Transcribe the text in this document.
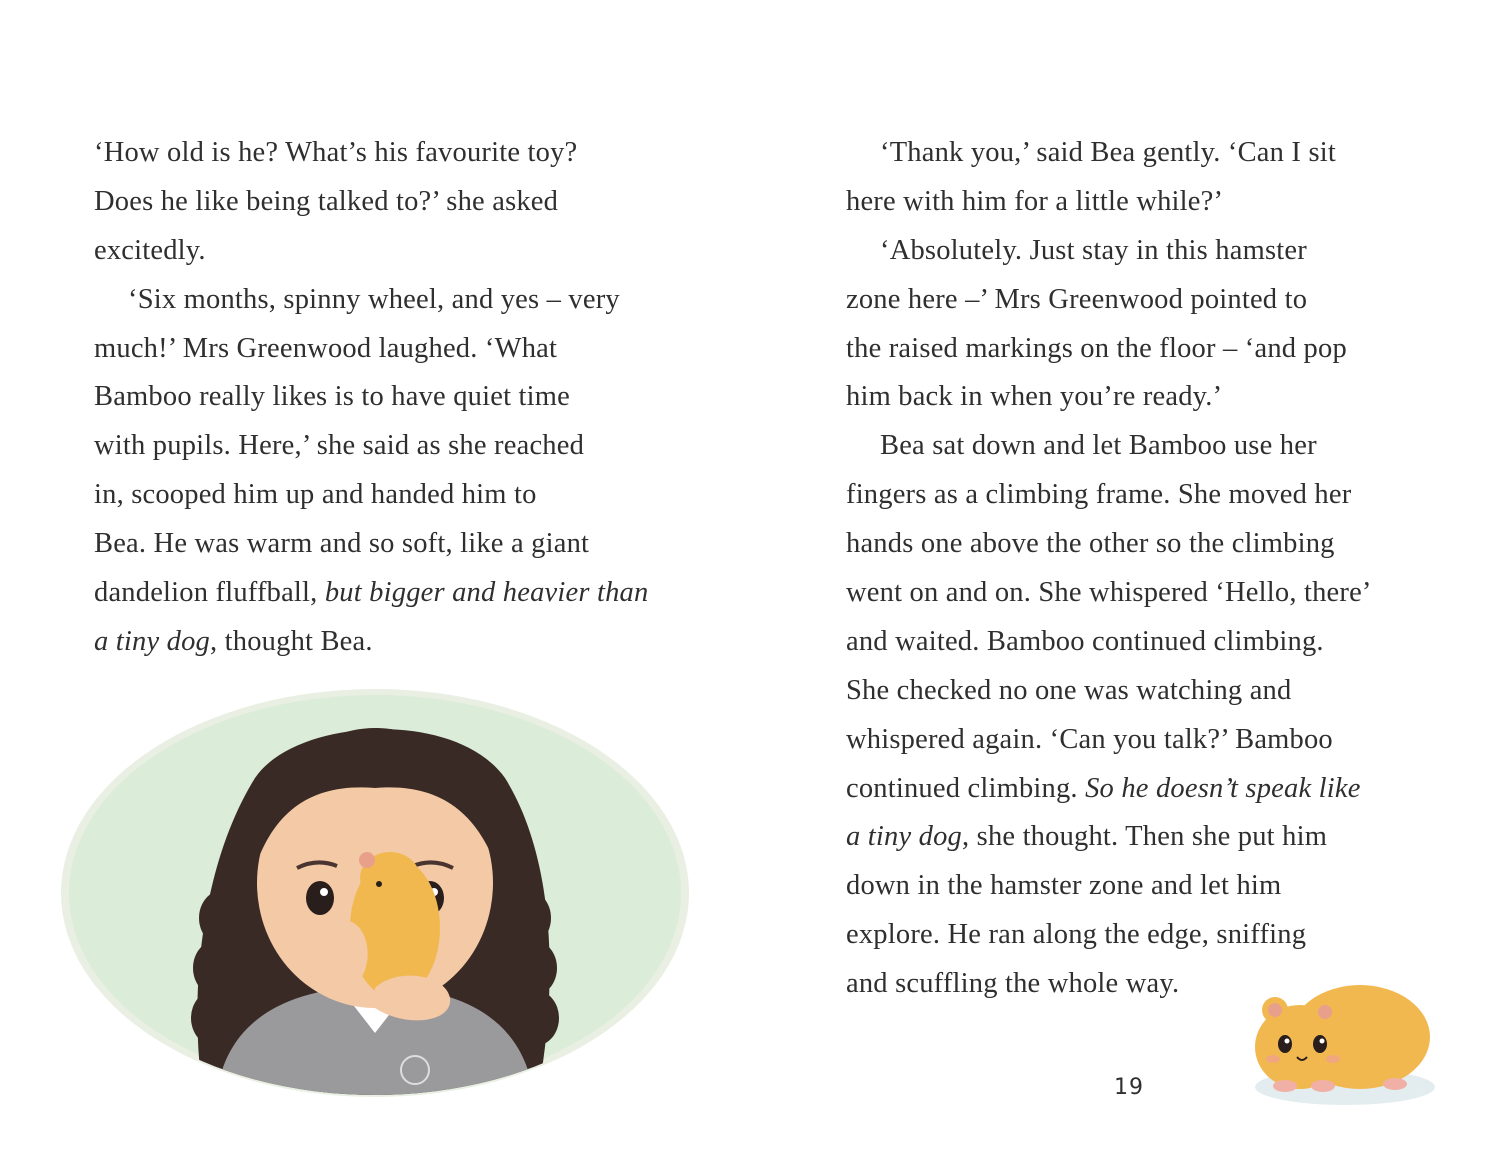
‘How old is he? What’s his favourite toy?
Does he like being talked to?’ she asked
excitedly.
‘Six months, spinny wheel, and yes – very
much!’ Mrs Greenwood laughed. ‘What
Bamboo really likes is to have quiet time
with pupils. Here,’ she said as she reached
in, scooped him up and handed him to
Bea. He was warm and so soft, like a giant
dandelion fluffball, but bigger and heavier than
a tiny dog, thought Bea.
‘Thank you,’ said Bea gently. ‘Can I sit
here with him for a little while?’
‘Absolutely. Just stay in this hamster
zone here –’ Mrs Greenwood pointed to
the raised markings on the floor – ‘and pop
him back in when you’re ready.’
Bea sat down and let Bamboo use her
fingers as a climbing frame. She moved her
hands one above the other so the climbing
went on and on. She whispered ‘Hello, there’
and waited. Bamboo continued climbing.
She checked no one was watching and
whispered again. ‘Can you talk?’ Bamboo
continued climbing. So he doesn’t speak like
a tiny dog, she thought. Then she put him
down in the hamster zone and let him
explore. He ran along the edge, sniffing
and scuffling the whole way.
19
